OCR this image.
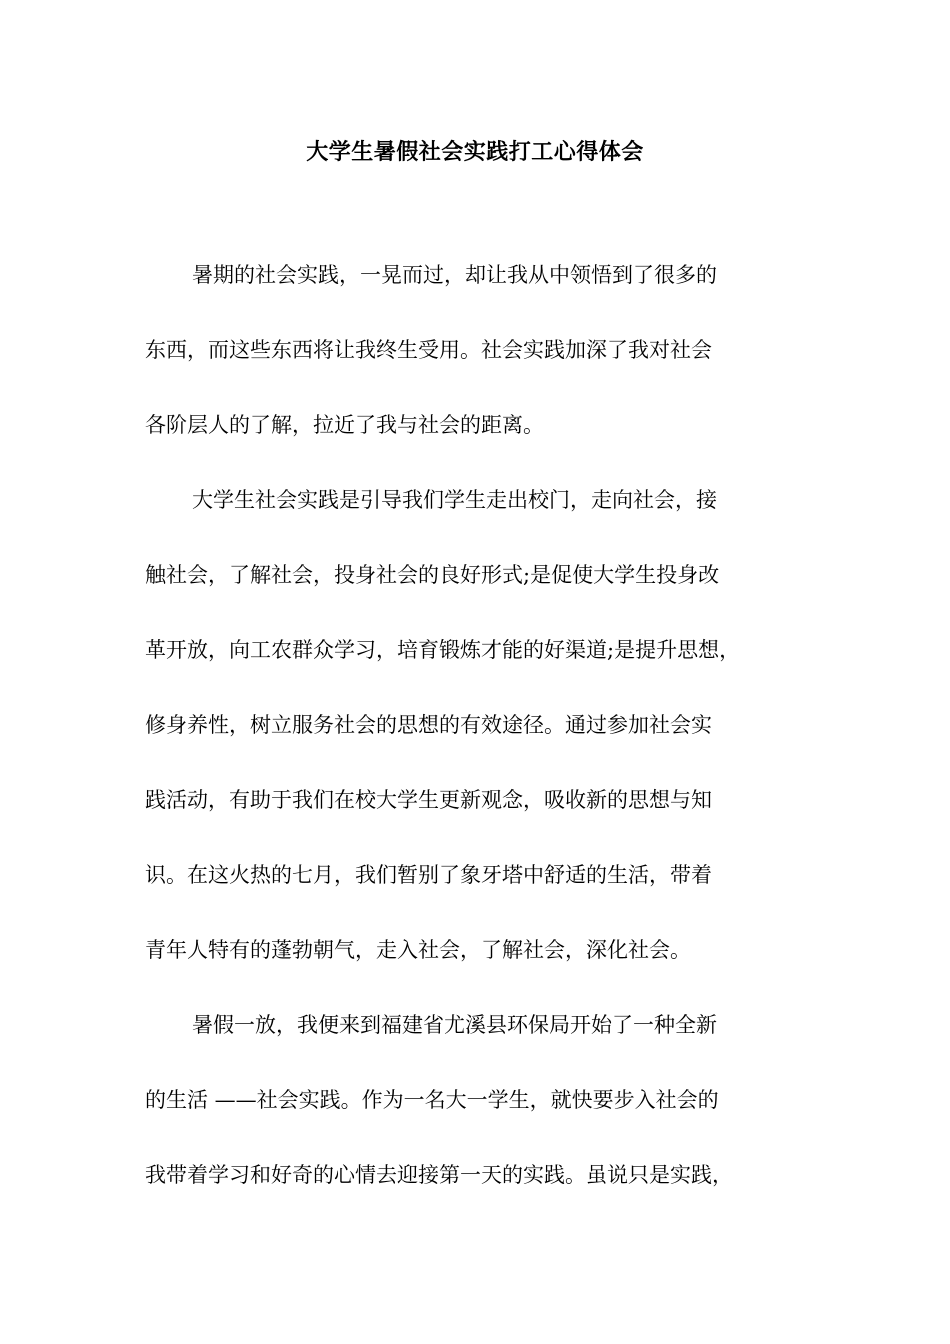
大学生暑假社会实践打工心得体会
暑期的社会实践，一晃而过，却让我从中领悟到了很多的
东西，而这些东西将让我终生受用。社会实践加深了我对社会
各阶层人的了解，拉近了我与社会的距离。
大学生社会实践是引导我们学生走出校门，走向社会，接
触社会，了解社会，投身社会的良好形式;是促使大学生投身改
革开放，向工农群众学习，培育锻炼才能的好渠道;是提升思想，
修身养性，树立服务社会的思想的有效途径。通过参加社会实
践活动，有助于我们在校大学生更新观念，吸收新的思想与知
识。在这火热的七月，我们暂别了象牙塔中舒适的生活，带着
青年人特有的蓬勃朝气，走入社会，了解社会，深化社会。
暑假一放，我便来到福建省尤溪县环保局开始了一种全新
的生活 ——社会实践。作为一名大一学生，就快要步入社会的
我带着学习和好奇的心情去迎接第一天的实践。虽说只是实践，
